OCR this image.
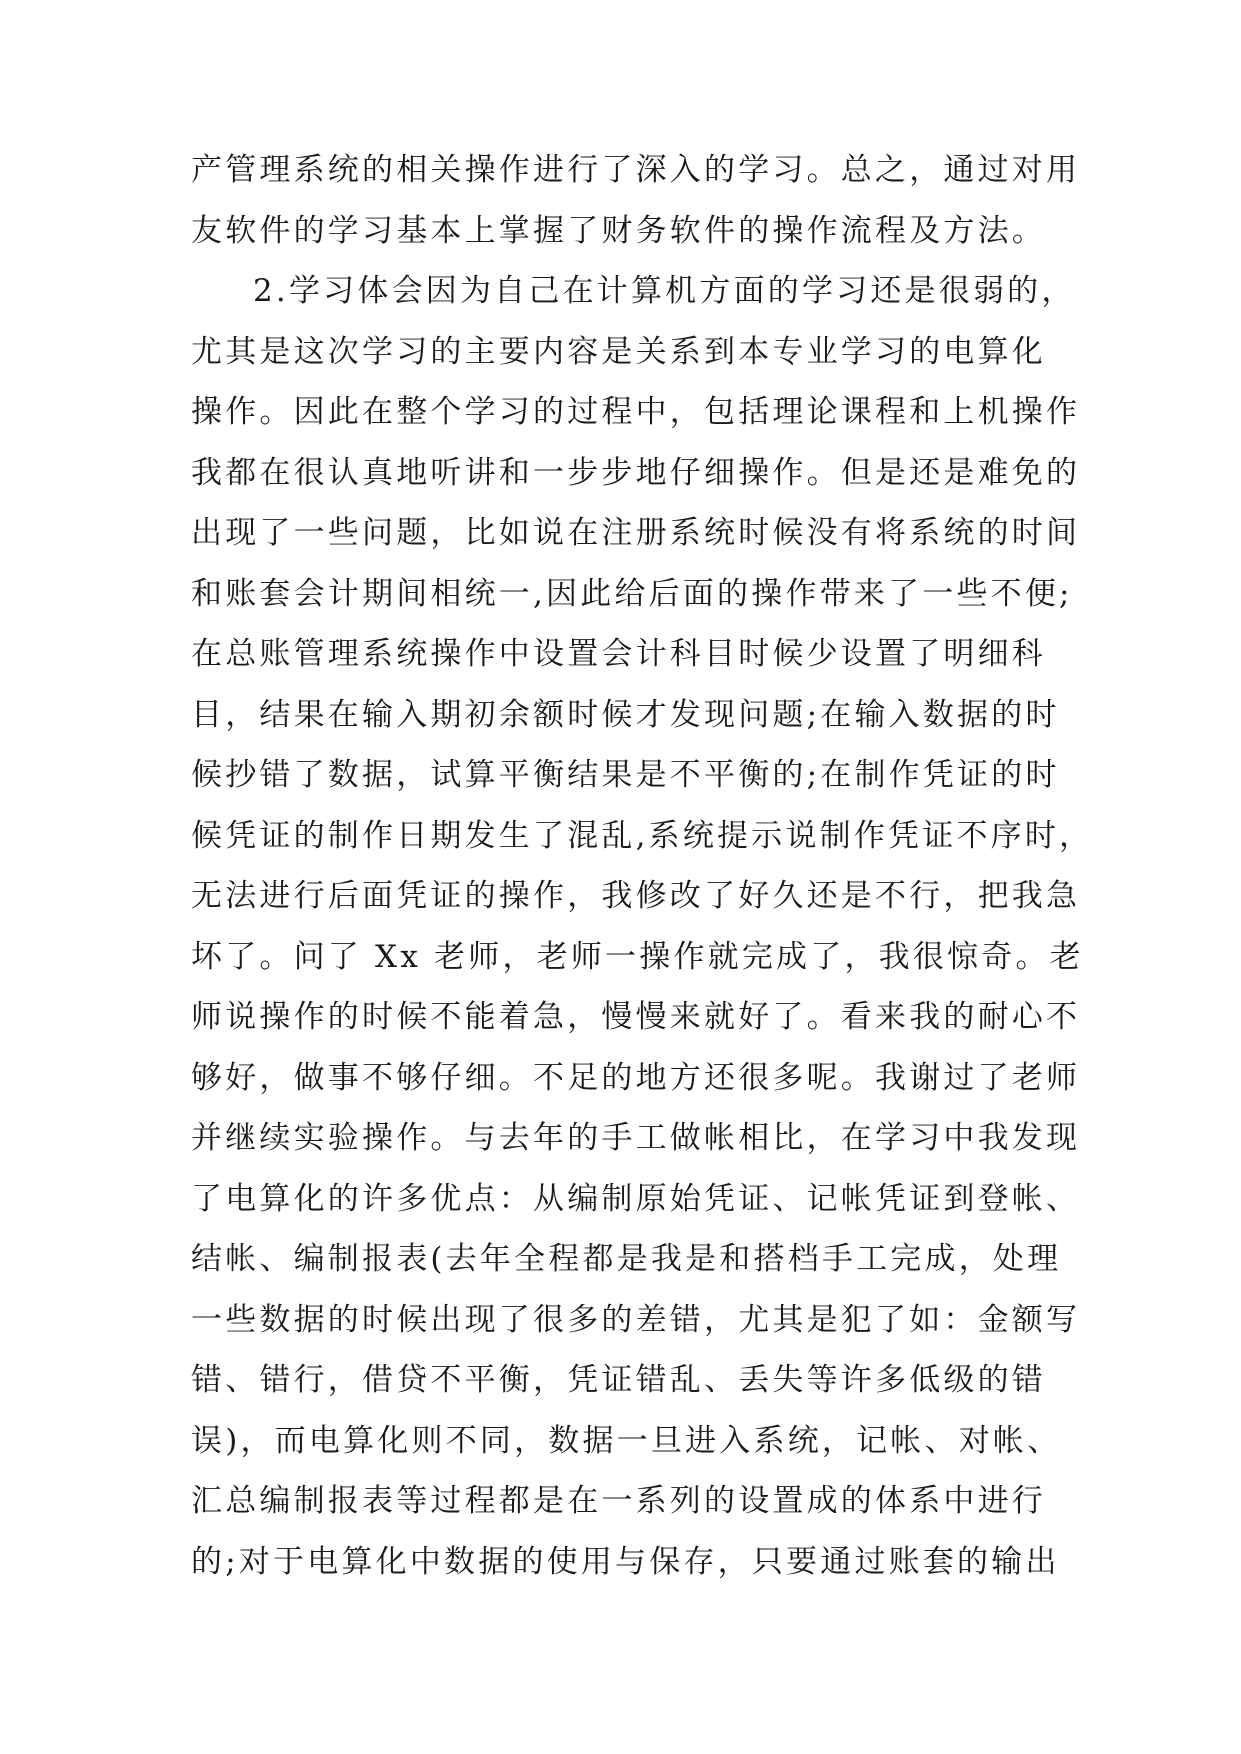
产管理系统的相关操作进行了深入的学习。总之，通过对用
友软件的学习基本上掌握了财务软件的操作流程及方法。
2.学习体会因为自己在计算机方面的学习还是很弱的，
尤其是这次学习的主要内容是关系到本专业学习的电算化
操作。因此在整个学习的过程中，包括理论课程和上机操作
我都在很认真地听讲和一步步地仔细操作。但是还是难免的
出现了一些问题，比如说在注册系统时候没有将系统的时间
和账套会计期间相统一,因此给后面的操作带来了一些不便;
在总账管理系统操作中设置会计科目时候少设置了明细科
目，结果在输入期初余额时候才发现问题;在输入数据的时
候抄错了数据，试算平衡结果是不平衡的;在制作凭证的时
候凭证的制作日期发生了混乱,系统提示说制作凭证不序时，
无法进行后面凭证的操作，我修改了好久还是不行，把我急
坏了。问了 Xx 老师，老师一操作就完成了，我很惊奇。老
师说操作的时候不能着急，慢慢来就好了。看来我的耐心不
够好，做事不够仔细。不足的地方还很多呢。我谢过了老师
并继续实验操作。与去年的手工做帐相比，在学习中我发现
了电算化的许多优点：从编制原始凭证、记帐凭证到登帐、
结帐、编制报表(去年全程都是我是和搭档手工完成，处理
一些数据的时候出现了很多的差错，尤其是犯了如：金额写
错、错行，借贷不平衡，凭证错乱、丢失等许多低级的错
误)，而电算化则不同，数据一旦进入系统，记帐、对帐、
汇总编制报表等过程都是在一系列的设置成的体系中进行
的;对于电算化中数据的使用与保存，只要通过账套的输出
